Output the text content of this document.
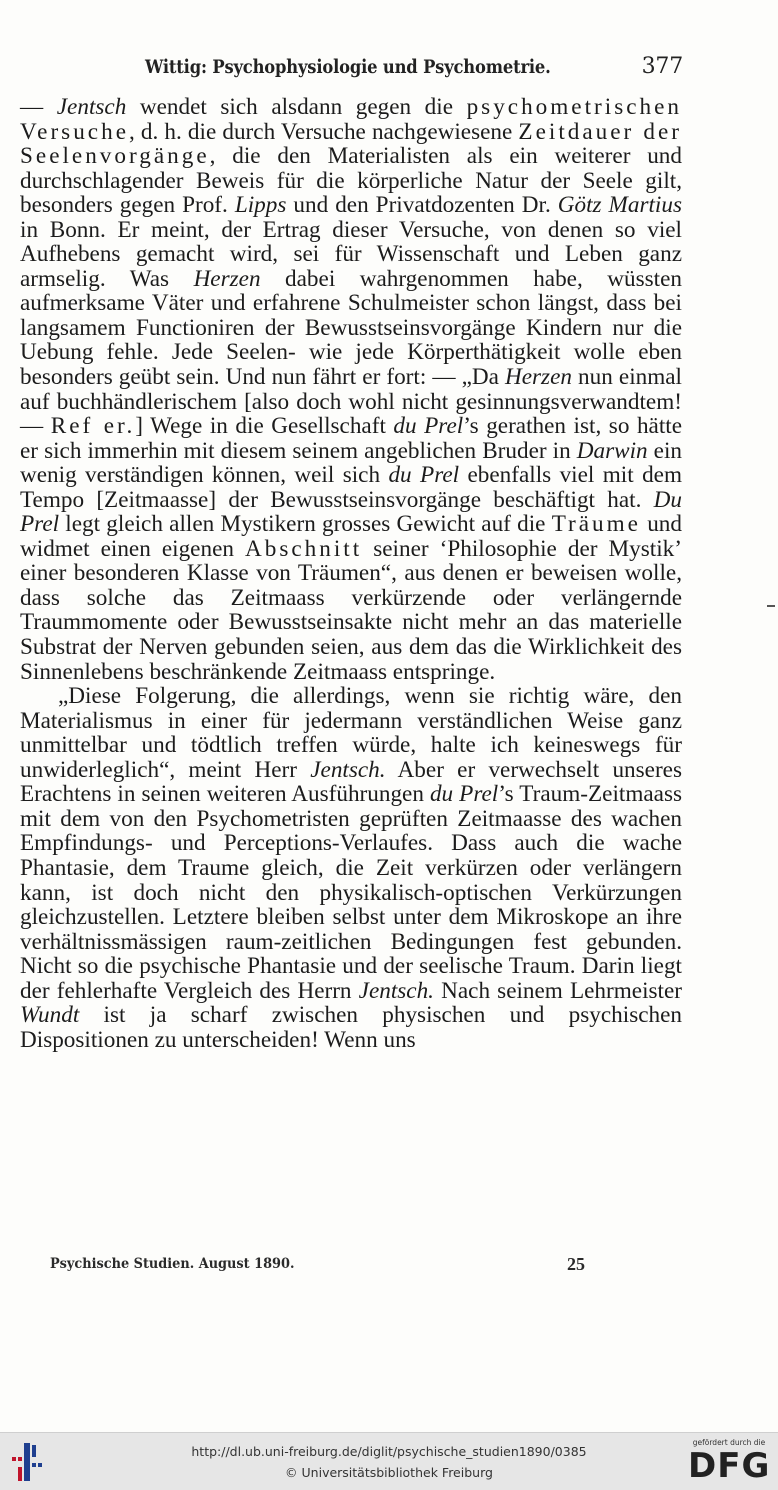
Wittig: Psychophysiologie und Psychometrie.	377

— Jentsch wendet sich alsdann gegen die psychometrischen Versuche, d. h. die durch Versuche nachgewiesene Zeitdauer der Seelenvorgänge, die den Materialisten als ein weiterer und durchschlagender Beweis für die körperliche Natur der Seele gilt, besonders gegen Prof. Lipps und den Privatdozenten Dr. Götz Martius in Bonn. Er meint, der Ertrag dieser Versuche, von denen so viel Aufhebens gemacht wird, sei für Wissenschaft und Leben ganz armselig. Was Herzen dabei wahrgenommen habe, wüssten aufmerksame Väter und erfahrene Schulmeister schon längst, dass bei langsamem Functioniren der Bewusstseinsvorgänge Kindern nur die Uebung fehle. Jede Seelen- wie jede Körperthätigkeit wolle eben besonders geübt sein. Und nun fährt er fort: — „Da Herzen nun einmal auf buchhändlerischem [also doch wohl nicht gesinnungsverwandtem! — Ref er.] Wege in die Gesellschaft du Prel’s gerathen ist, so hätte er sich immerhin mit diesem seinem angeblichen Bruder in Darwin ein wenig verständigen können, weil sich du Prel ebenfalls viel mit dem Tempo [Zeitmaasse] der Bewusstseinsvorgänge beschäftigt hat. Du Prel legt gleich allen Mystikern grosses Gewicht auf die Träume und widmet einen eigenen Abschnitt seiner ‘Philosophie der Mystik’ einer besonderen Klasse von Träumen“, aus denen er beweisen wolle, dass solche das Zeitmaass verkürzende oder verlängernde Traummomente oder Bewusstseinsakte nicht mehr an das materielle Substrat der Nerven gebunden seien, aus dem das die Wirklichkeit des Sinnenlebens beschränkende Zeitmaass entspringe.

„Diese Folgerung, die allerdings, wenn sie richtig wäre, den Materialismus in einer für jedermann verständlichen Weise ganz unmittelbar und tödtlich treffen würde, halte ich keineswegs für unwiderleglich“, meint Herr Jentsch. Aber er verwechselt unseres Erachtens in seinen weiteren Ausführungen du Prel’s Traum-Zeitmaass mit dem von den Psychometristen geprüften Zeitmaasse des wachen Empfindungs- und Perceptions-Verlaufes. Dass auch die wache Phantasie, dem Traume gleich, die Zeit verkürzen oder verlängern kann, ist doch nicht den physikalisch-optischen Verkürzungen gleichzustellen. Letztere bleiben selbst unter dem Mikroskope an ihre verhältnissmässigen raum-zeitlichen Bedingungen fest gebunden. Nicht so die psychische Phantasie und der seelische Traum. Darin liegt der fehlerhafte Vergleich des Herrn Jentsch. Nach seinem Lehrmeister Wundt ist ja scharf zwischen physischen und psychischen Dispositionen zu unterscheiden! Wenn uns

Psychische Studien. August 1890.	25
http://dl.ub.uni-freiburg.de/diglit/psychische_studien1890/0385
© Universitätsbibliothek Freiburg
gefördert durch die
DFG
